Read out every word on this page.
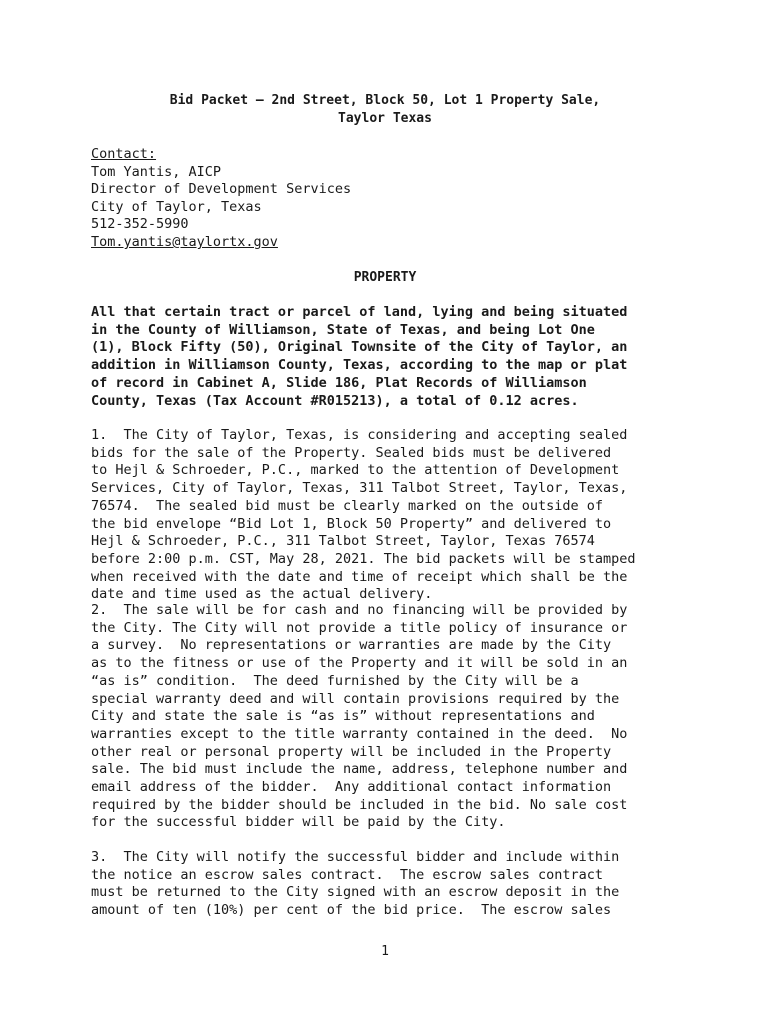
Bid Packet – 2nd Street, Block 50, Lot 1 Property Sale,
Taylor Texas
Contact:
Tom Yantis, AICP
Director of Development Services
City of Taylor, Texas
512-352-5990
Tom.yantis@taylortx.gov
PROPERTY
All that certain tract or parcel of land, lying and being situated
in the County of Williamson, State of Texas, and being Lot One
(1), Block Fifty (50), Original Townsite of the City of Taylor, an
addition in Williamson County, Texas, according to the map or plat
of record in Cabinet A, Slide 186, Plat Records of Williamson
County, Texas (Tax Account #R015213), a total of 0.12 acres.
1.  The City of Taylor, Texas, is considering and accepting sealed
bids for the sale of the Property. Sealed bids must be delivered
to Hejl & Schroeder, P.C., marked to the attention of Development
Services, City of Taylor, Texas, 311 Talbot Street, Taylor, Texas,
76574.  The sealed bid must be clearly marked on the outside of
the bid envelope “Bid Lot 1, Block 50 Property” and delivered to
Hejl & Schroeder, P.C., 311 Talbot Street, Taylor, Texas 76574
before 2:00 p.m. CST, May 28, 2021. The bid packets will be stamped
when received with the date and time of receipt which shall be the
date and time used as the actual delivery.
2.  The sale will be for cash and no financing will be provided by
the City. The City will not provide a title policy of insurance or
a survey.  No representations or warranties are made by the City
as to the fitness or use of the Property and it will be sold in an
“as is” condition.  The deed furnished by the City will be a
special warranty deed and will contain provisions required by the
City and state the sale is “as is” without representations and
warranties except to the title warranty contained in the deed.  No
other real or personal property will be included in the Property
sale. The bid must include the name, address, telephone number and
email address of the bidder.  Any additional contact information
required by the bidder should be included in the bid. No sale cost
for the successful bidder will be paid by the City.
3.  The City will notify the successful bidder and include within
the notice an escrow sales contract.  The escrow sales contract
must be returned to the City signed with an escrow deposit in the
amount of ten (10%) per cent of the bid price.  The escrow sales
1
